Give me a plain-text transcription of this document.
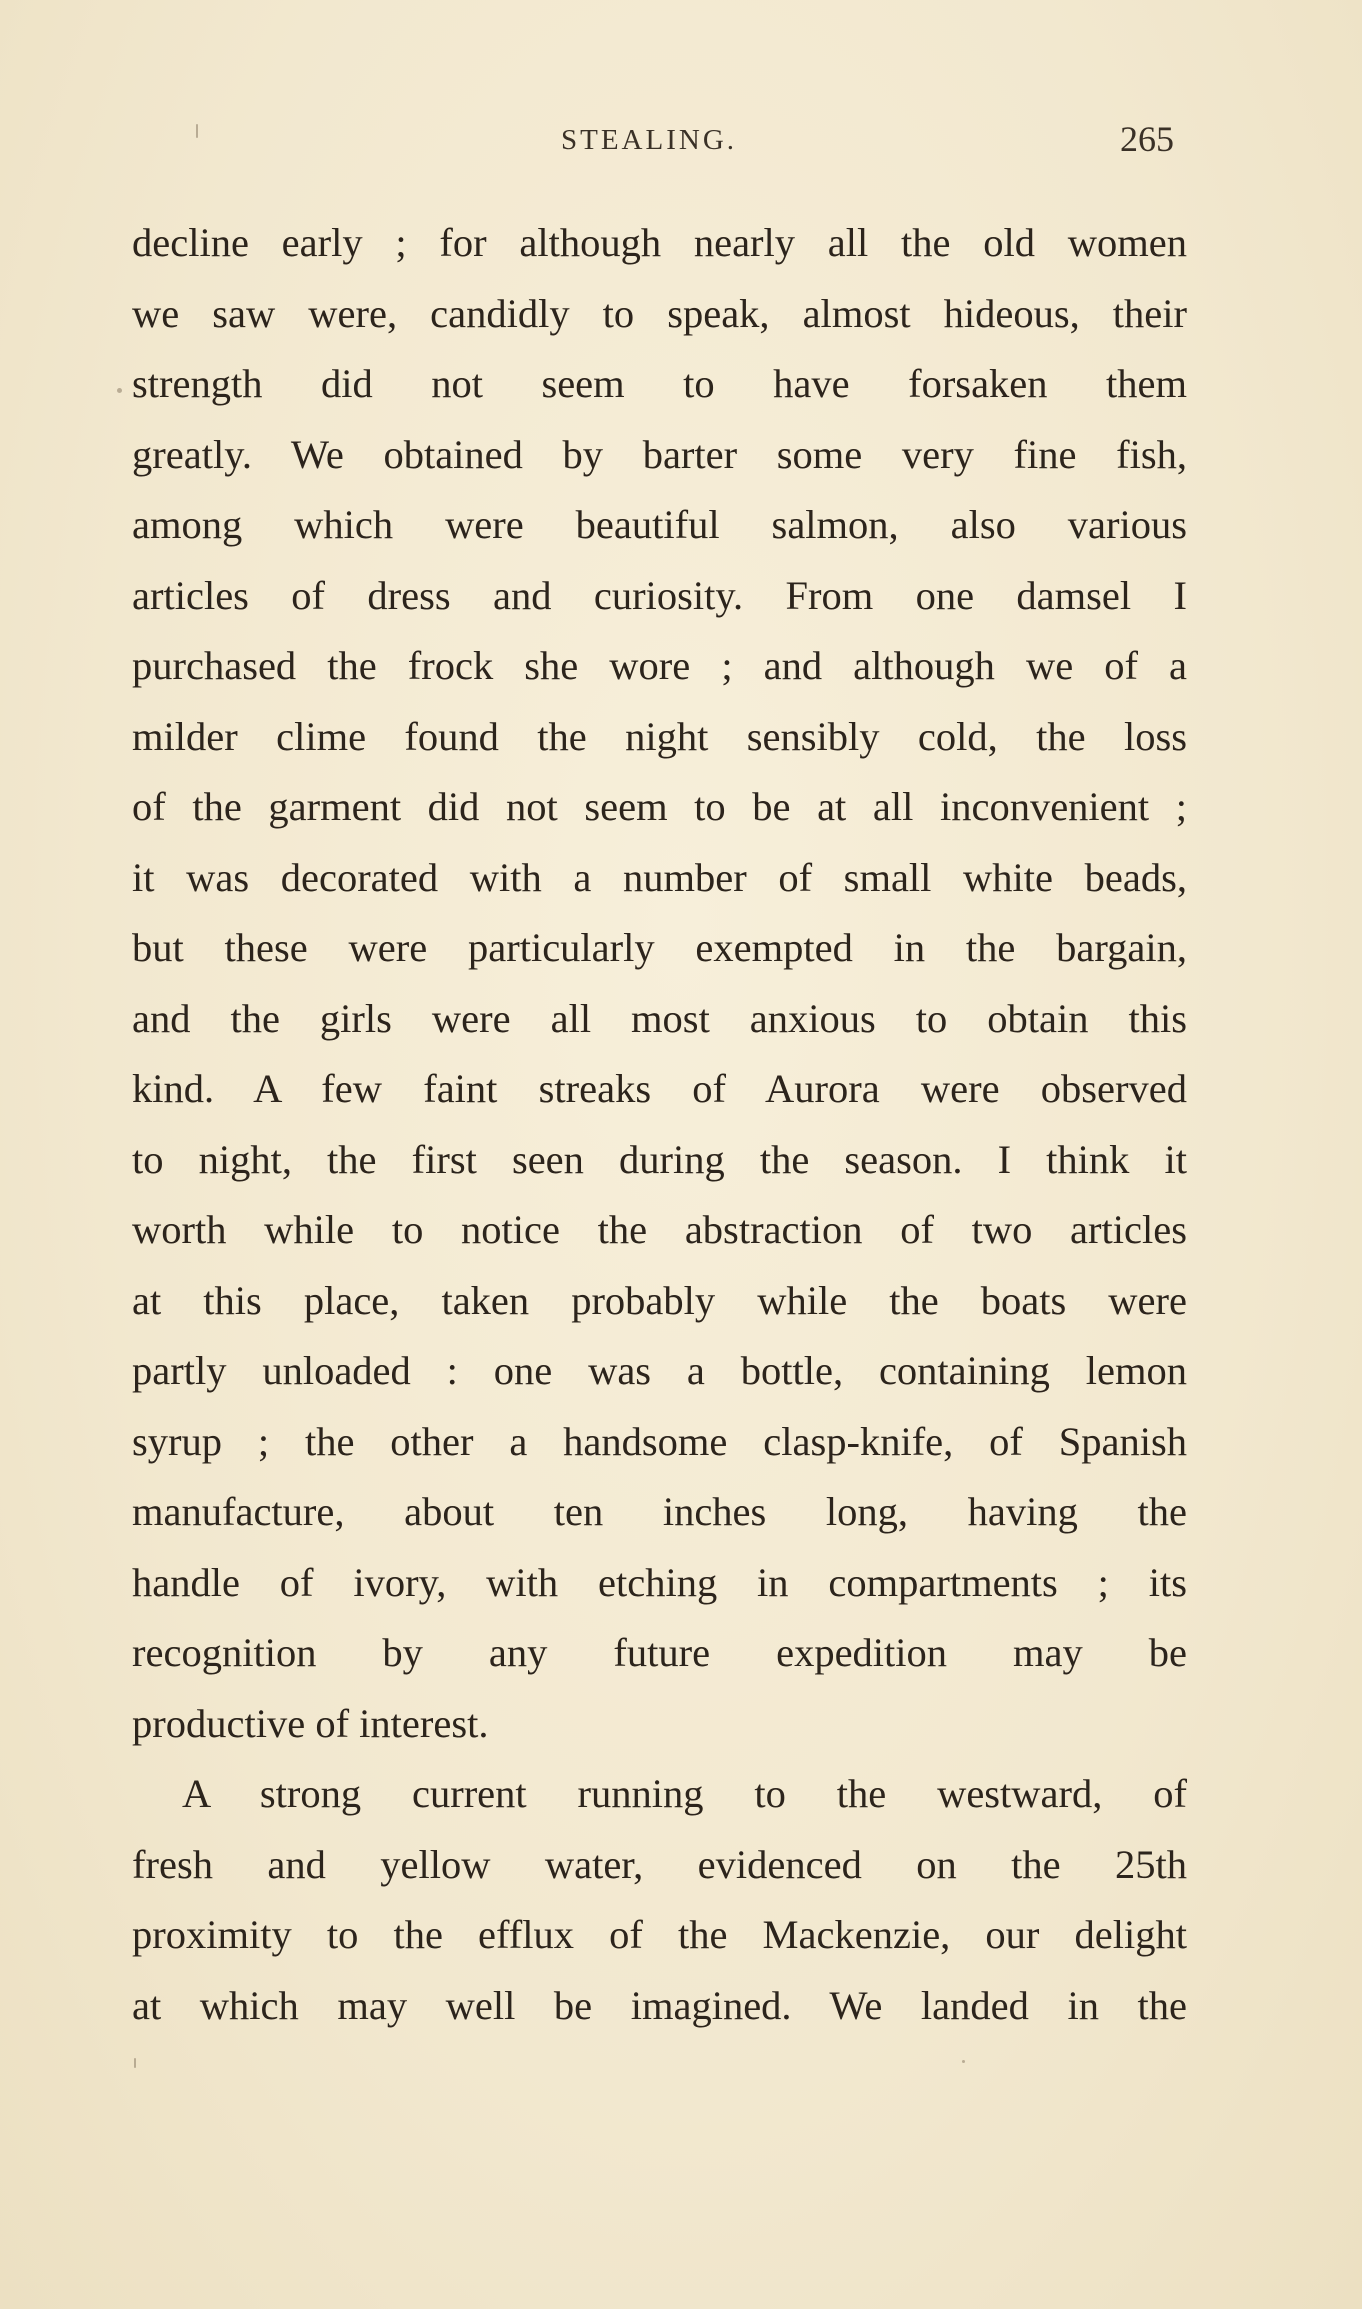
STEALING.	265
decline early ; for although nearly all the old women
we saw were, candidly to speak, almost hideous, their
strength did not seem to have forsaken them
greatly. We obtained by barter some very fine fish,
among which were beautiful salmon, also various
articles of dress and curiosity. From one damsel I
purchased the frock she wore ; and although we of a
milder clime found the night sensibly cold, the loss
of the garment did not seem to be at all inconvenient ;
it was decorated with a number of small white beads,
but these were particularly exempted in the bargain,
and the girls were all most anxious to obtain this
kind. A few faint streaks of Aurora were observed
to night, the first seen during the season. I think it
worth while to notice the abstraction of two articles
at this place, taken probably while the boats were
partly unloaded : one was a bottle, containing lemon
syrup ; the other a handsome clasp-knife, of Spanish
manufacture, about ten inches long, having the
handle of ivory, with etching in compartments ; its
recognition by any future expedition may be
productive of interest.
A strong current running to the westward, of
fresh and yellow water, evidenced on the 25th
proximity to the efflux of the Mackenzie, our delight
at which may well be imagined. We landed in the
